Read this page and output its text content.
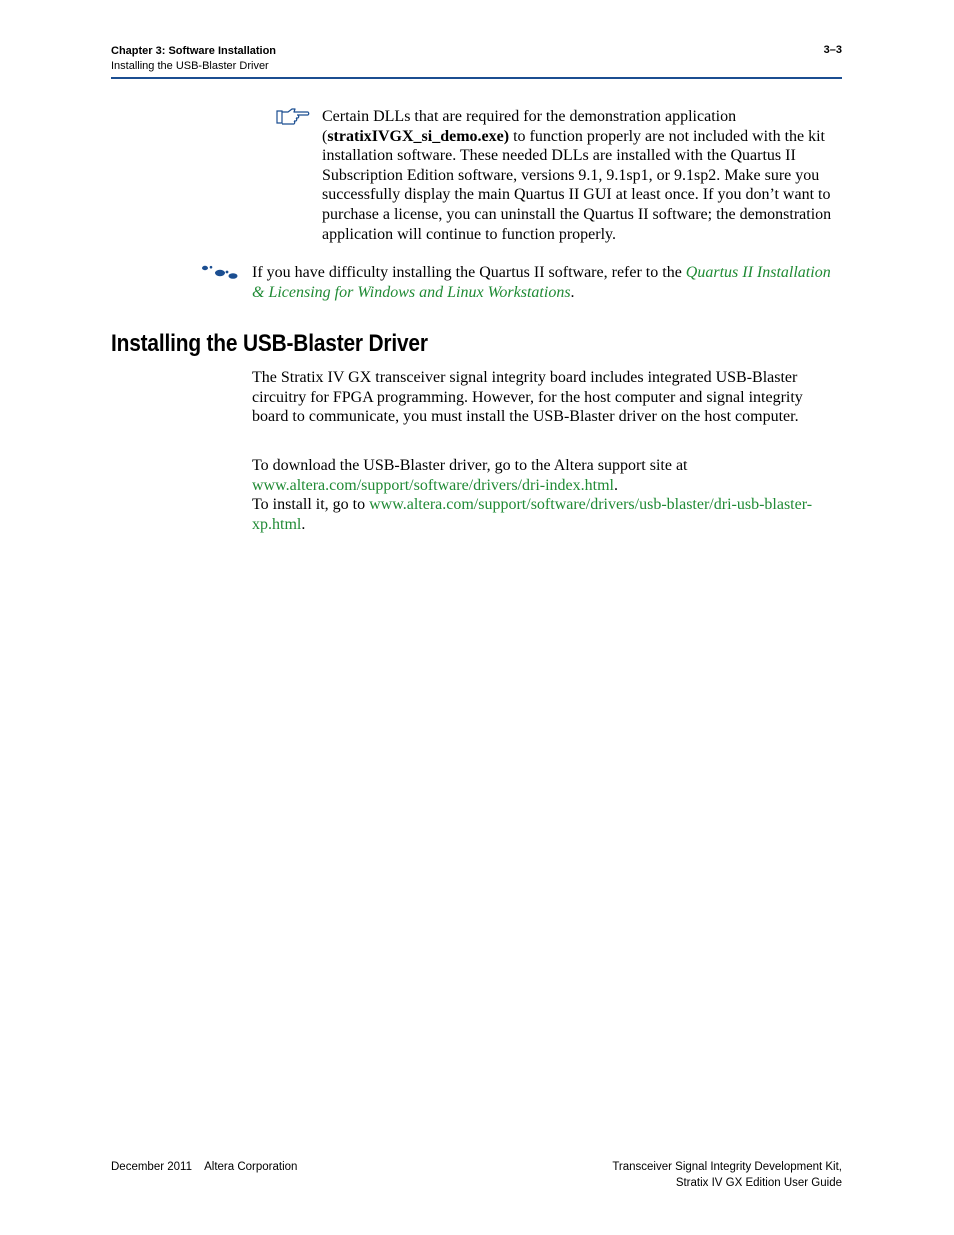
Chapter 3: Software Installation
Installing the USB-Blaster Driver
3–3
Certain DLLs that are required for the demonstration application (stratixIVGX_si_demo.exe) to function properly are not included with the kit installation software. These needed DLLs are installed with the Quartus II Subscription Edition software, versions 9.1, 9.1sp1, or 9.1sp2. Make sure you successfully display the main Quartus II GUI at least once. If you don’t want to purchase a license, you can uninstall the Quartus II software; the demonstration application will continue to function properly.
If you have difficulty installing the Quartus II software, refer to the Quartus II Installation & Licensing for Windows and Linux Workstations.
Installing the USB-Blaster Driver

The Stratix IV GX transceiver signal integrity board includes integrated USB-Blaster circuitry for FPGA programming. However, for the host computer and signal integrity board to communicate, you must install the USB-Blaster driver on the host computer.

To download the USB-Blaster driver, go to the Altera support site at
www.altera.com/support/software/drivers/dri-index.html.
To install it, go to www.altera.com/support/software/drivers/usb-blaster/dri-usb-blaster-xp.html.

December 2011    Altera Corporation	Transceiver Signal Integrity Development Kit,
Stratix IV GX Edition User Guide
